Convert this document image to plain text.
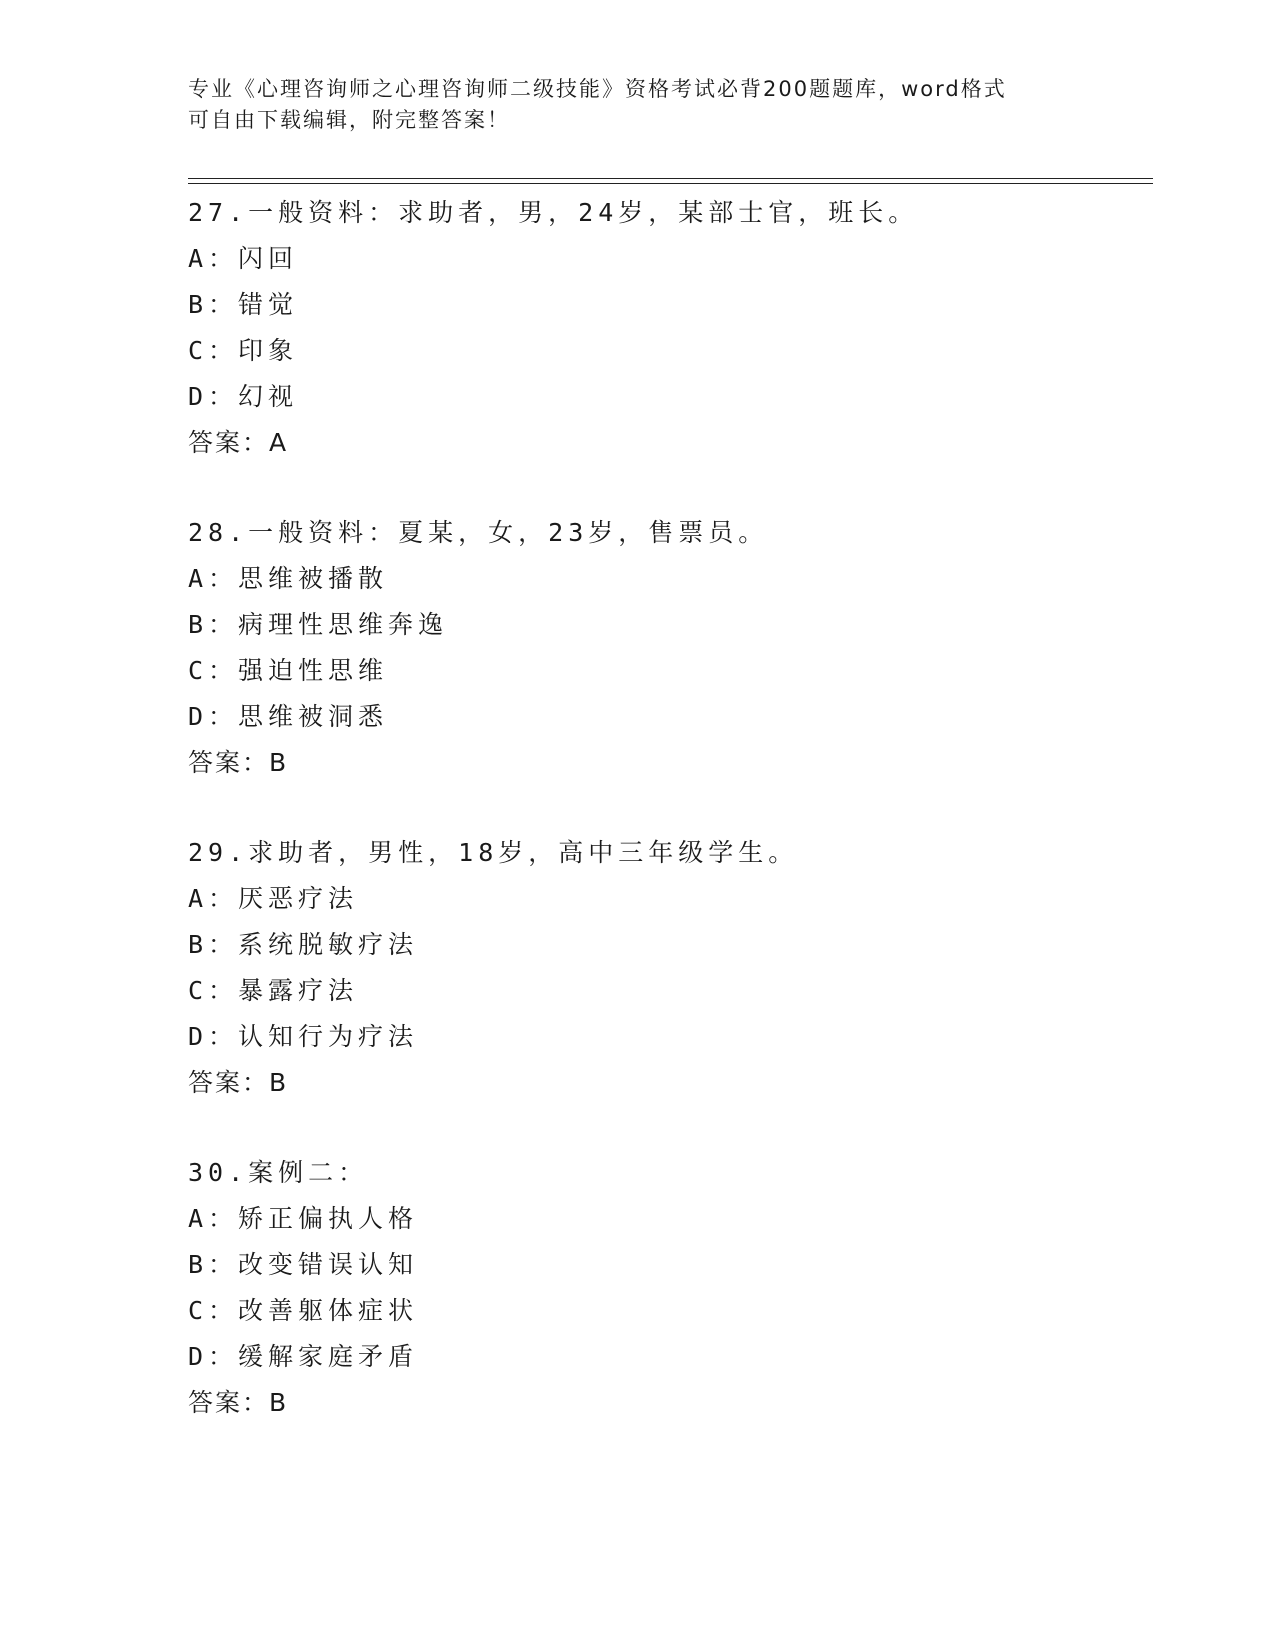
专业《心理咨询师之心理咨询师二级技能》资格考试必背200题题库，word格式

可自由下载编辑，附完整答案！

27.一般资料：求助者，男，24岁，某部士官，班长。
A：闪回
B：错觉
C：印象
D：幻视
答案：A
28.一般资料：夏某，女，23岁，售票员。
A：思维被播散
B：病理性思维奔逸
C：强迫性思维
D：思维被洞悉
答案：B
29.求助者，男性，18岁，高中三年级学生。
A：厌恶疗法
B：系统脱敏疗法
C：暴露疗法
D：认知行为疗法
答案：B
30.案例二：
A：矫正偏执人格
B：改变错误认知
C：改善躯体症状
D：缓解家庭矛盾
答案：B
